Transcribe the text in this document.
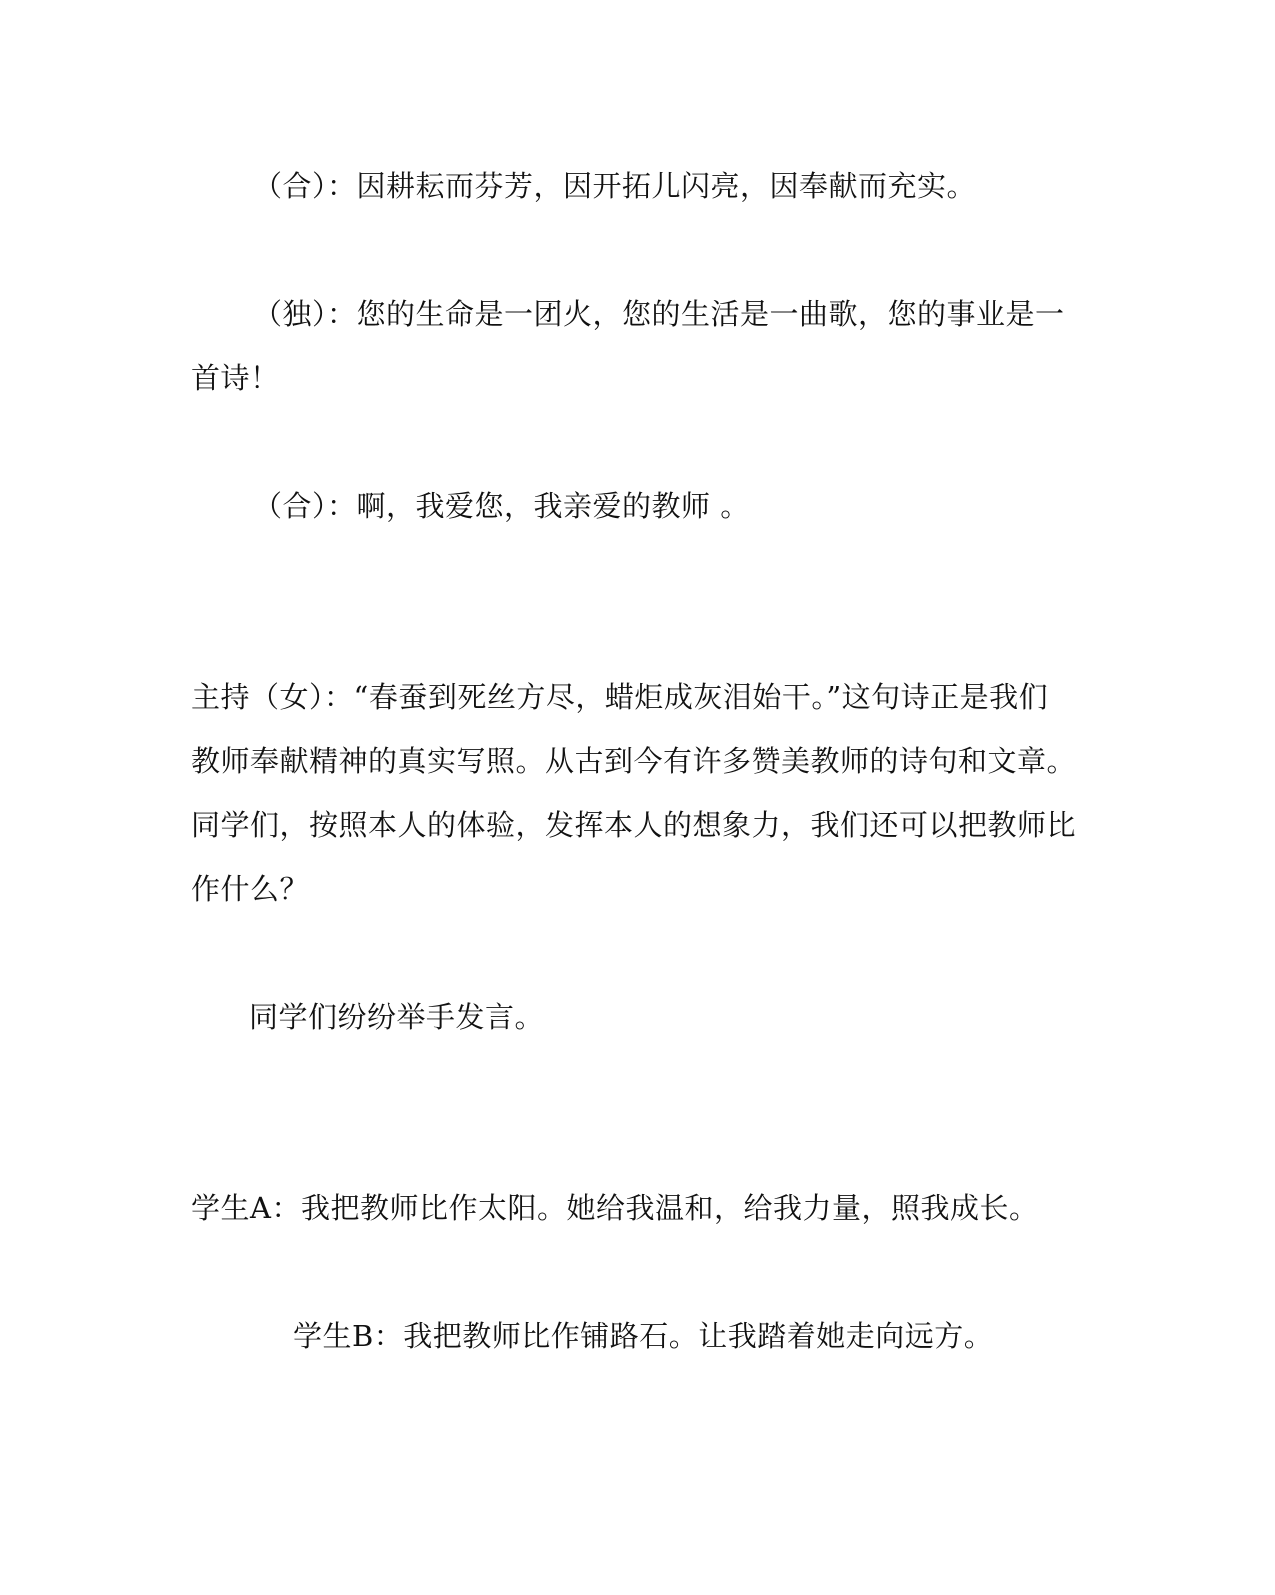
（合）：因耕耘而芬芳，因开拓儿闪亮，因奉献而充实。
（独）：您的生命是一团火，您的生活是一曲歌，您的事业是一
首诗！
（合）：啊，我爱您，我亲爱的教师 。
主持（女）：“春蚕到死丝方尽，蜡炬成灰泪始干。”这句诗正是我们
教师奉献精神的真实写照。从古到今有许多赞美教师的诗句和文章。
同学们，按照本人的体验，发挥本人的想象力，我们还可以把教师比
作什么？
同学们纷纷举手发言。
学生A：我把教师比作太阳。她给我温和，给我力量，照我成长。
学生B：我把教师比作铺路石。让我踏着她走向远方。
